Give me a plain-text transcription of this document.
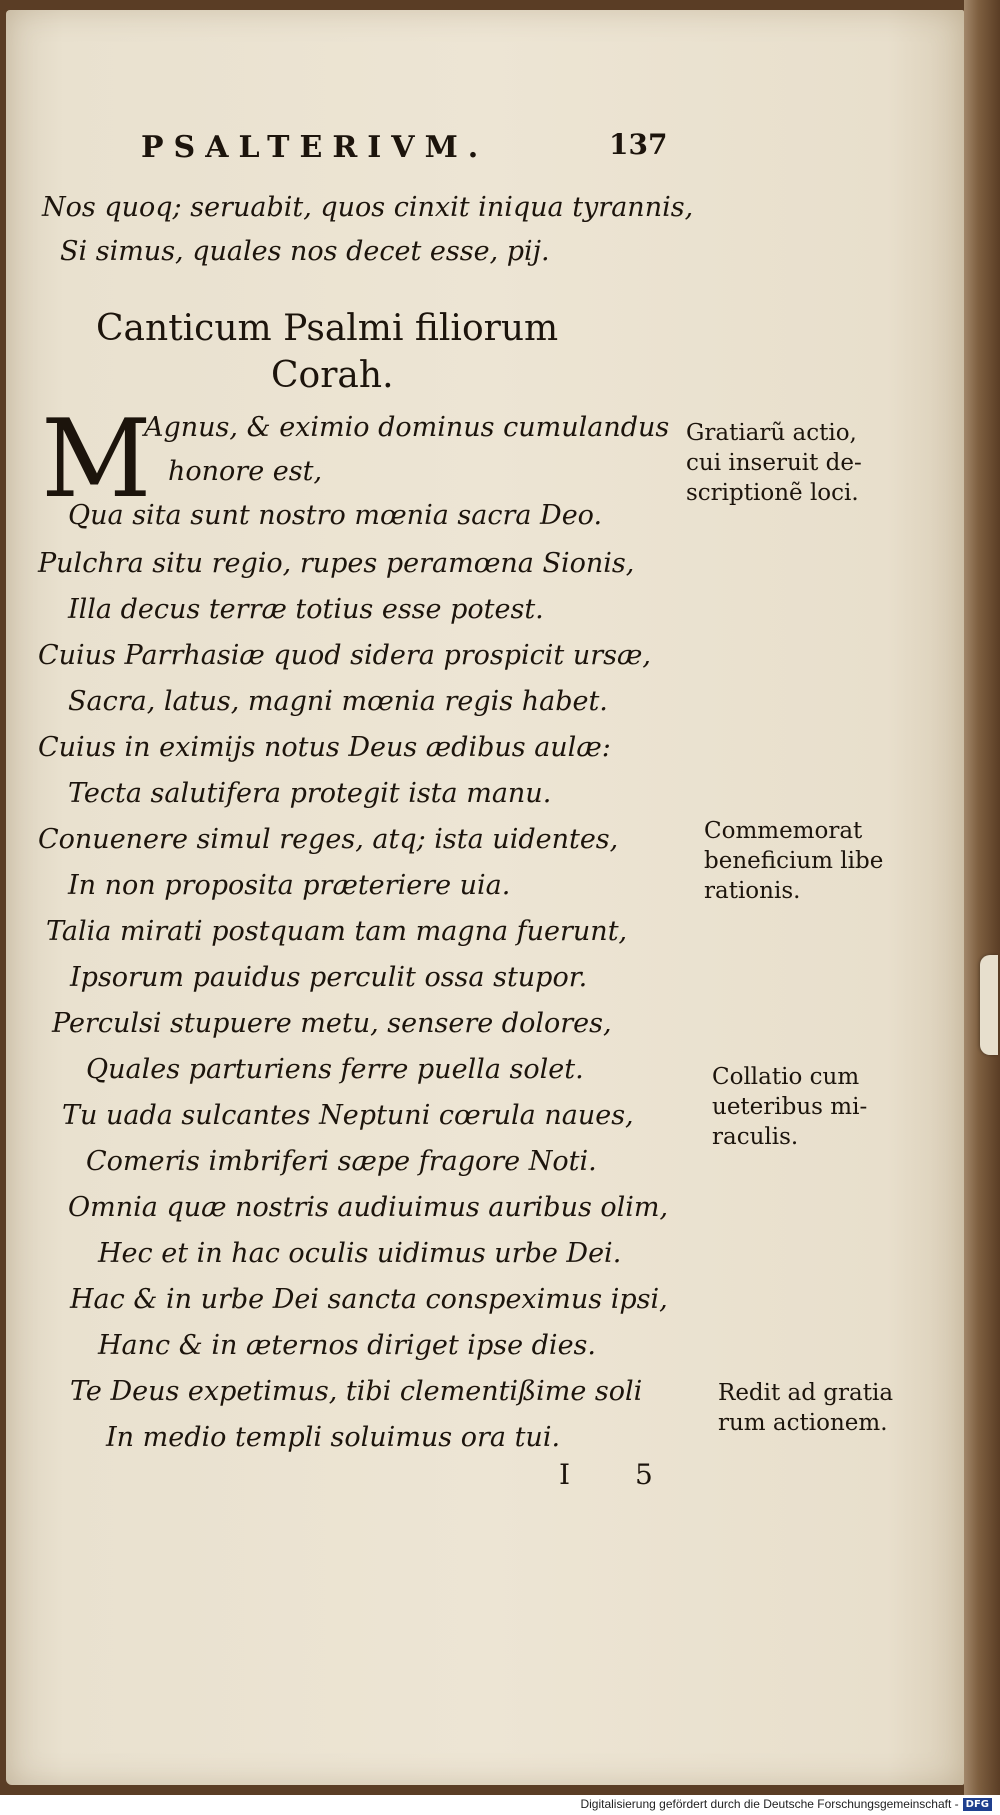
PSALTERIVM.	137
Nos quoq; seruabit, quos cinxit iniqua tyrannis,
Si simus, quales nos decet esse, pij.
Canticum Psalmi filiorum
Corah.
M
Agnus, & eximio dominus cumulandus
honore est,
Qua sita sunt nostro mœnia sacra Deo.
Pulchra situ regio, rupes peramœna Sionis,
Illa decus terræ totius esse potest.
Cuius Parrhasiæ quod sidera prospicit ursæ,
Sacra, latus, magni mœnia regis habet.
Cuius in eximijs notus Deus ædibus aulæ:
Tecta salutifera protegit ista manu.
Conuenere simul reges, atq; ista uidentes,
In non proposita præteriere uia.
Talia mirati postquam tam magna fuerunt,
Ipsorum pauidus perculit ossa stupor.
Perculsi stupuere metu, sensere dolores,
Quales parturiens ferre puella solet.
Tu uada sulcantes Neptuni cœrula naues,
Comeris imbriferi sæpe fragore Noti.
Omnia quæ nostris audiuimus auribus olim,
Hec et in hac oculis uidimus urbe Dei.
Hac & in urbe Dei sancta conspeximus ipsi,
Hanc & in æternos diriget ipse dies.
Te Deus expetimus, tibi clementißime soli
In medio templi soluimus ora tui.
Gratiarũ actio,
cui inseruit de-
scriptionẽ loci.
Commemorat
beneficium libe
rationis.
Collatio cum
ueteribus mi-
raculis.
Redit ad gratia
rum actionem.
I 5
Digitalisierung gefördert durch die Deutsche Forschungsgemeinschaft - DFG
